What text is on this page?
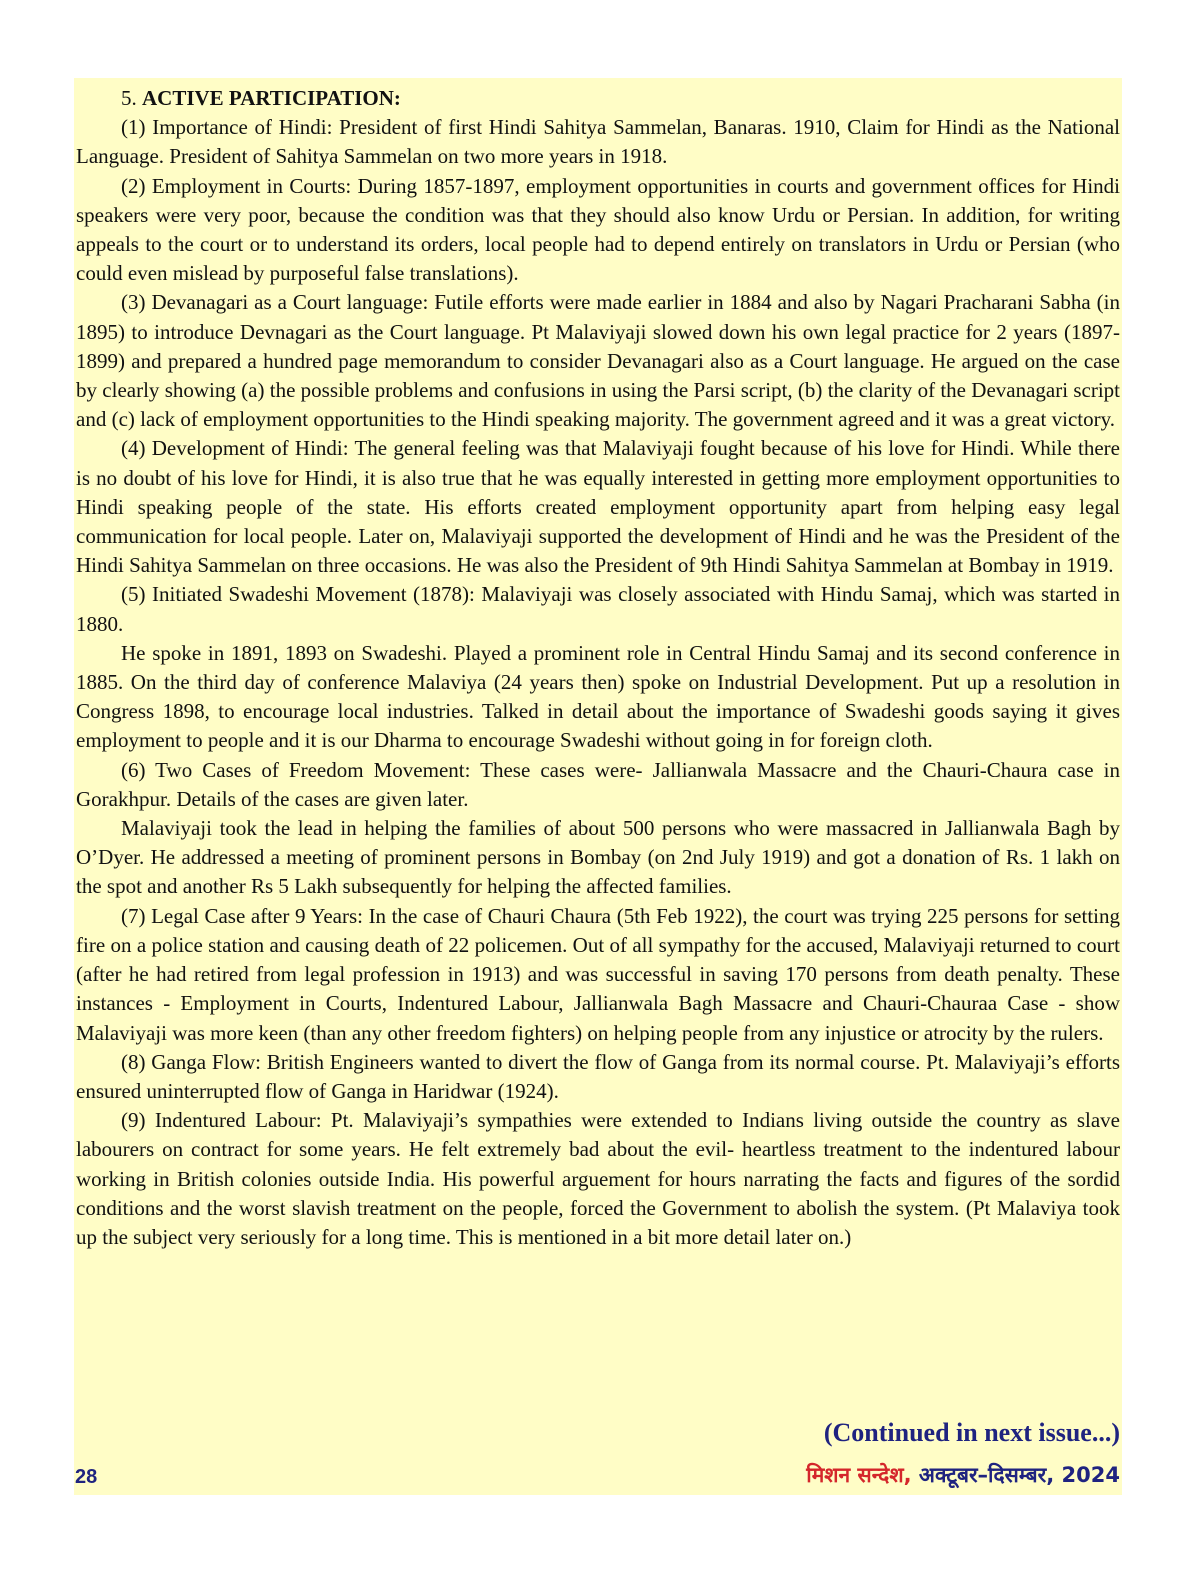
5. ACTIVE PARTICIPATION:

(1) Importance of Hindi: President of first Hindi Sahitya Sammelan, Banaras. 1910, Claim for Hindi as the National Language. President of Sahitya Sammelan on two more years in 1918.

(2) Employment in Courts: During 1857-1897, employment opportunities in courts and government offices for Hindi speakers were very poor, because the condition was that they should also know Urdu or Persian. In addition, for writing appeals to the court or to understand its orders, local people had to depend entirely on translators in Urdu or Persian (who could even mislead by purposeful false translations).

(3) Devanagari as a Court language: Futile efforts were made earlier in 1884 and also by Nagari Pracharani Sabha (in 1895) to introduce Devnagari as the Court language. Pt Malaviyaji slowed down his own legal practice for 2 years (1897-1899) and prepared a hundred page memorandum to consider Devanagari also as a Court language. He argued on the case by clearly showing (a) the possible problems and confusions in using the Parsi script, (b) the clarity of the Devanagari script and (c) lack of employment opportunities to the Hindi speaking majority. The government agreed and it was a great victory.

(4) Development of Hindi: The general feeling was that Malaviyaji fought because of his love for Hindi. While there is no doubt of his love for Hindi, it is also true that he was equally interested in getting more employment opportunities to Hindi speaking people of the state. His efforts created employment opportunity apart from helping easy legal communication for local people. Later on, Malaviyaji supported the development of Hindi and he was the President of the Hindi Sahitya Sammelan on three occasions. He was also the President of 9th Hindi Sahitya Sammelan at Bombay in 1919.

(5) Initiated Swadeshi Movement (1878): Malaviyaji was closely associated with Hindu Samaj, which was started in 1880.

He spoke in 1891, 1893 on Swadeshi. Played a prominent role in Central Hindu Samaj and its second conference in 1885. On the third day of conference Malaviya (24 years then) spoke on Industrial Development. Put up a resolution in Congress 1898, to encourage local industries. Talked in detail about the importance of Swadeshi goods saying it gives employment to people and it is our Dharma to encourage Swadeshi without going in for foreign cloth.

(6) Two Cases of Freedom Movement: These cases were- Jallianwala Massacre and the Chauri-Chaura case in Gorakhpur. Details of the cases are given later.

Malaviyaji took the lead in helping the families of about 500 persons who were massacred in Jallianwala Bagh by O’Dyer. He addressed a meeting of prominent persons in Bombay (on 2nd July 1919) and got a donation of Rs. 1 lakh on the spot and another Rs 5 Lakh subsequently for helping the affected families.

(7) Legal Case after 9 Years: In the case of Chauri Chaura (5th Feb 1922), the court was trying 225 persons for setting fire on a police station and causing death of 22 policemen. Out of all sympathy for the accused, Malaviyaji returned to court (after he had retired from legal profession in 1913) and was successful in saving 170 persons from death penalty. These instances - Employment in Courts, Indentured Labour, Jallianwala Bagh Massacre and Chauri-Chauraa Case - show Malaviyaji was more keen (than any other freedom fighters) on helping people from any injustice or atrocity by the rulers.

(8) Ganga Flow: British Engineers wanted to divert the flow of Ganga from its normal course. Pt. Malaviyaji’s efforts ensured uninterrupted flow of Ganga in Haridwar (1924).

(9) Indentured Labour: Pt. Malaviyaji’s sympathies were extended to Indians living outside the country as slave labourers on contract for some years. He felt extremely bad about the evil- heartless treatment to the indentured labour working in British colonies outside India. His powerful arguement for hours narrating the facts and figures of the sordid conditions and the worst slavish treatment on the people, forced the Government to abolish the system. (Pt Malaviya took up the subject very seriously for a long time. This is mentioned in a bit more detail later on.)

(Continued in next issue...)
28	मिशन सन्देश, अक्टूबर–दिसम्बर, 2024
